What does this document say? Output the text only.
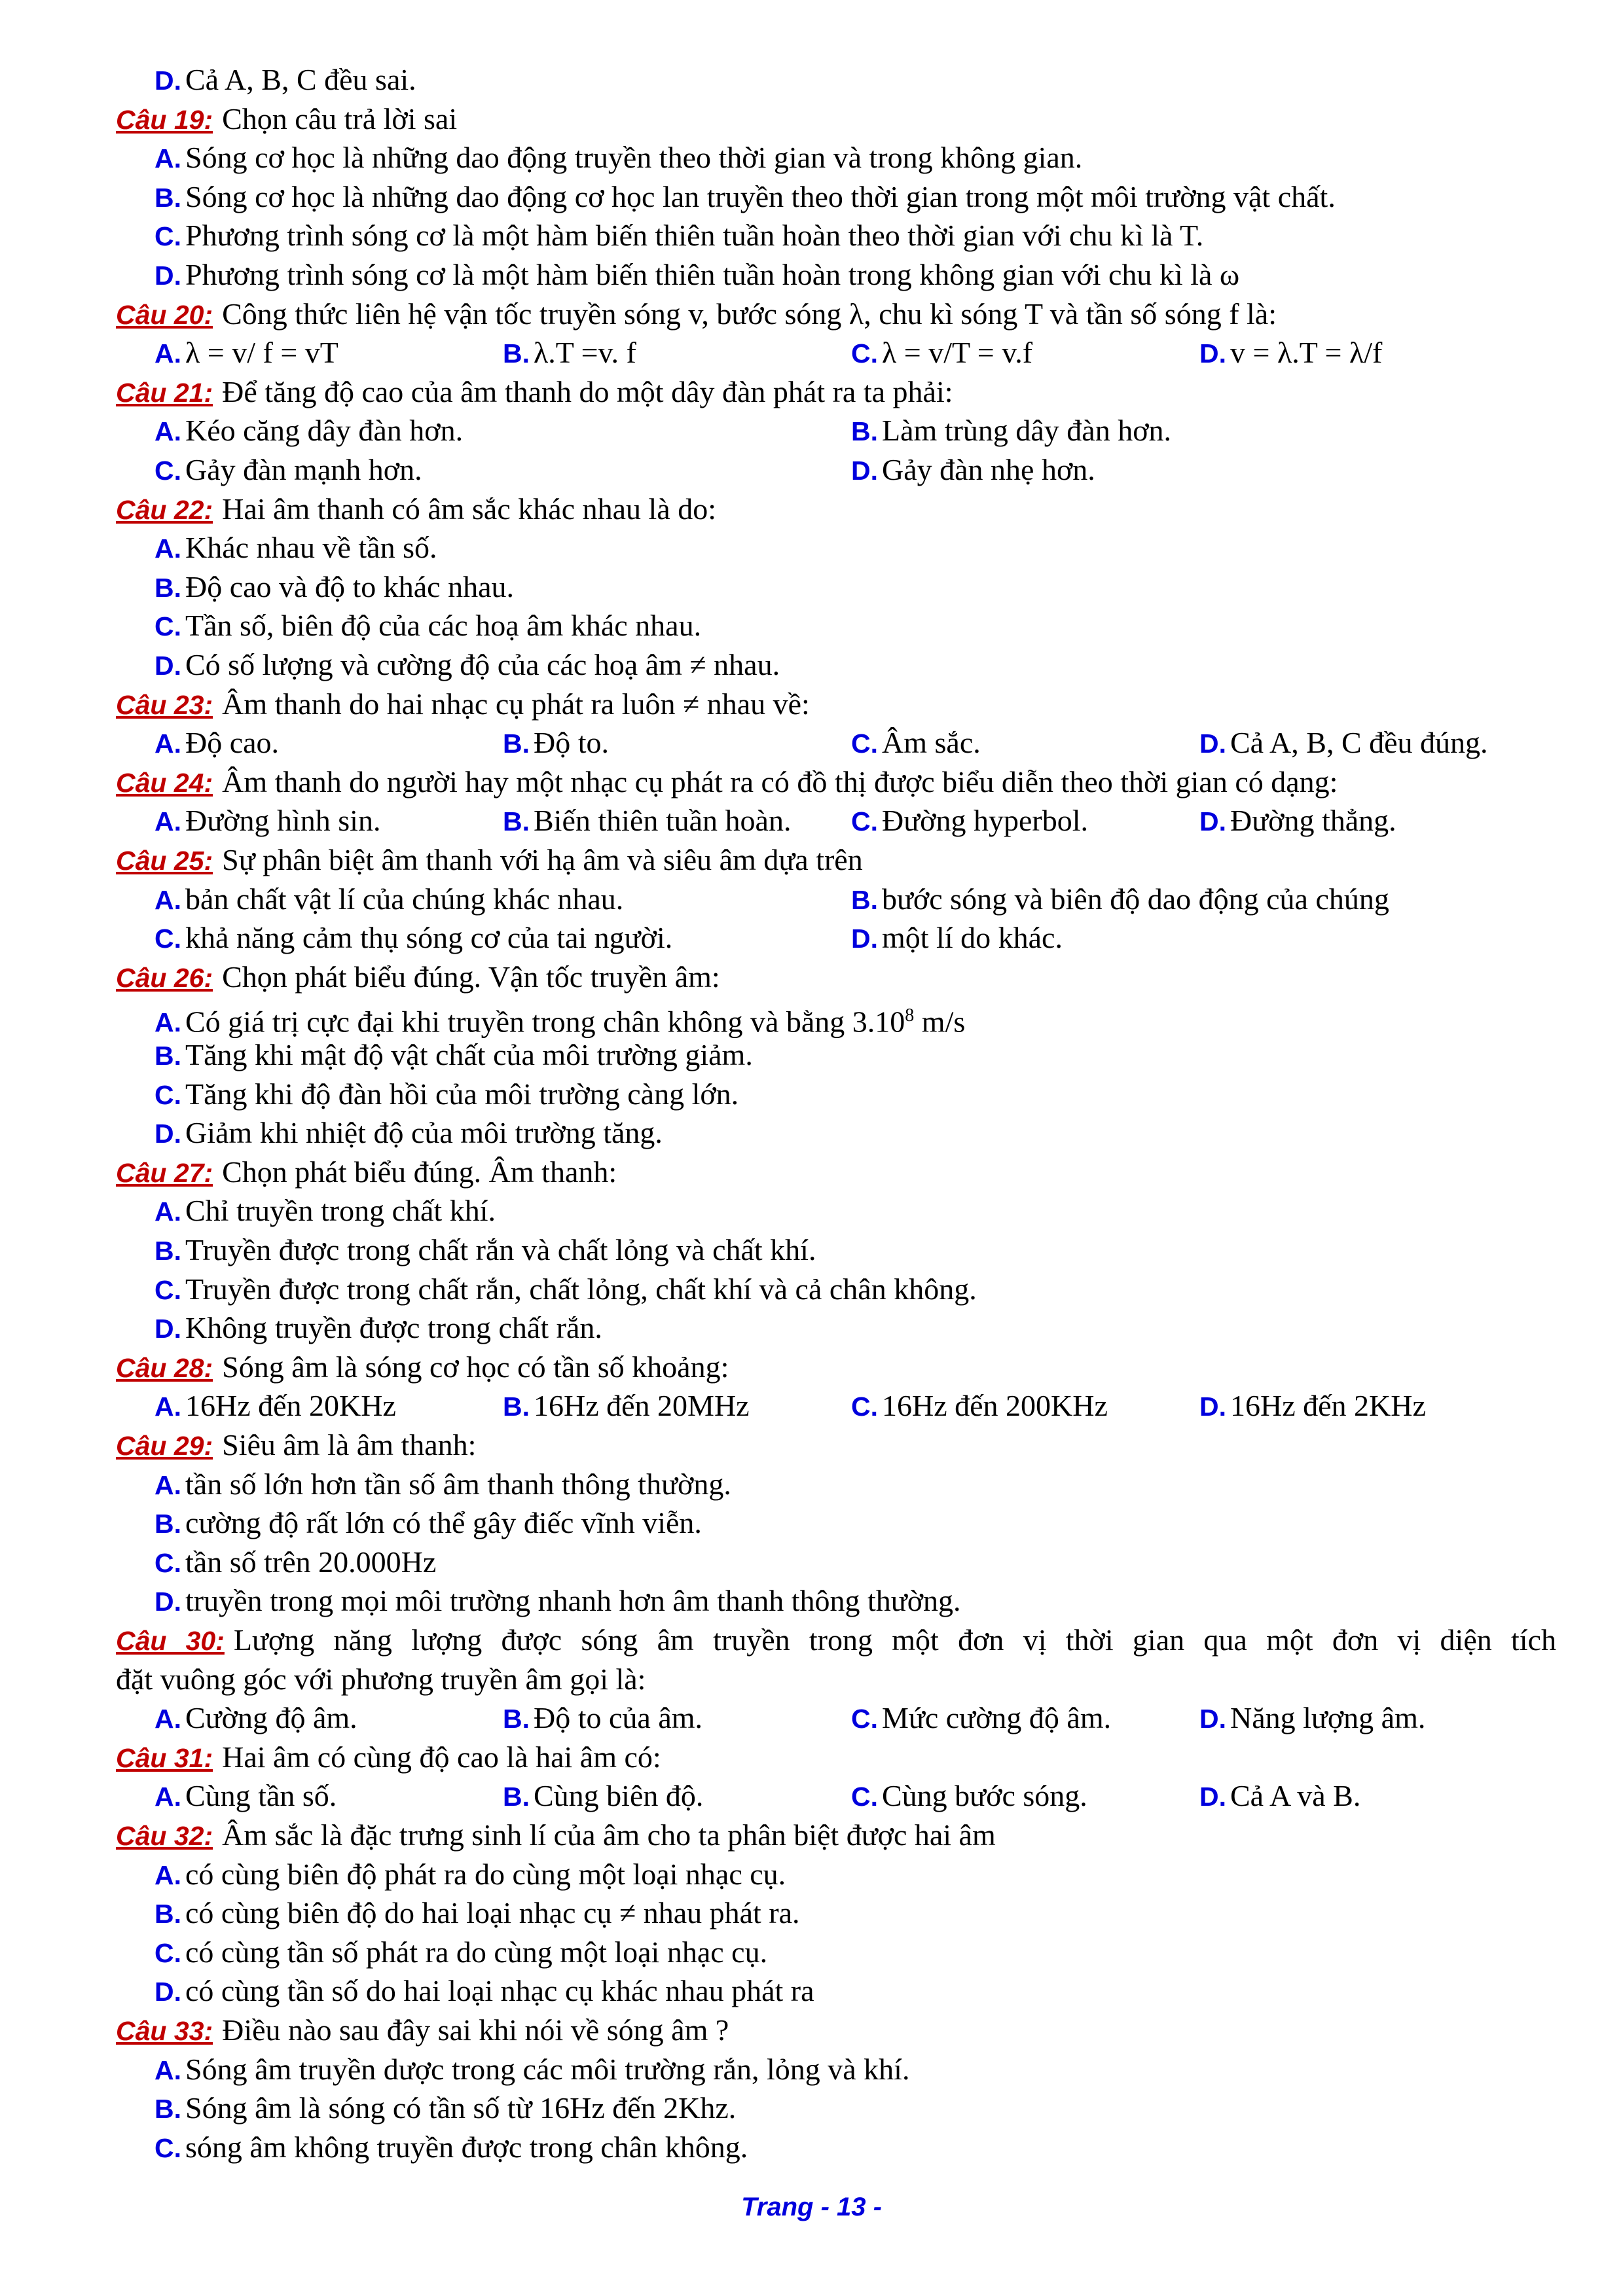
D. Cả A, B, C đều sai.
Câu 19: Chọn câu trả lời sai
A. Sóng cơ học là những dao động truyền theo thời gian và trong không gian.
B. Sóng cơ học là những dao động cơ học lan truyền theo thời gian trong một môi trường vật chất.
C. Phương trình sóng cơ là một hàm biến thiên tuần hoàn theo thời gian với chu kì là T.
D. Phương trình sóng cơ là một hàm biến thiên tuần hoàn trong không gian với chu kì là ω
Câu 20: Công thức liên hệ vận tốc truyền sóng v, bước sóng λ, chu kì sóng T và tần số sóng f là:
A. λ = v/ f = vT	B. λ.T =v. f	C. λ = v/T = v.f	D. v = λ.T = λ/f
Câu 21: Để tăng độ cao của âm thanh do một dây đàn phát ra ta phải:
A. Kéo căng dây đàn hơn.	B. Làm trùng dây đàn hơn.
C. Gảy đàn mạnh hơn.	D. Gảy đàn nhẹ hơn.
Câu 22: Hai âm thanh có âm sắc khác nhau là do:
A. Khác nhau về tần số.
B. Độ cao và độ to khác nhau.
C. Tần số, biên độ của các hoạ âm khác nhau.
D. Có số lượng và cường độ của các hoạ âm ≠ nhau.
Câu 23: Âm thanh do hai nhạc cụ phát ra luôn ≠ nhau về:
A. Độ cao.	B. Độ to.	C. Âm sắc.	D. Cả A, B, C đều đúng.
Câu 24: Âm thanh do người hay một nhạc cụ phát ra có đồ thị được biểu diễn theo thời gian có dạng:
A. Đường hình sin.	B. Biến thiên tuần hoàn. C. Đường hyperbol.	D. Đường thẳng.
Câu 25: Sự phân biệt âm thanh với hạ âm và siêu âm dựa trên
A. bản chất vật lí của chúng khác nhau.	B. bước sóng và biên độ dao động của chúng
C. khả năng cảm thụ sóng cơ của tai người.	D. một lí do khác.
Câu 26: Chọn phát biểu đúng. Vận tốc truyền âm:
A. Có giá trị cực đại khi truyền trong chân không và bằng 3.10$^8$ m/s
B. Tăng khi mật độ vật chất của môi trường giảm.
C. Tăng khi độ đàn hồi của môi trường càng lớn.
D. Giảm khi nhiệt độ của môi trường tăng.
Câu 27: Chọn phát biểu đúng. Âm thanh:
A. Chỉ truyền trong chất khí.
B. Truyền được trong chất rắn và chất lỏng và chất khí.
C. Truyền được trong chất rắn, chất lỏng, chất khí và cả chân không.
D. Không truyền được trong chất rắn.
Câu 28: Sóng âm là sóng cơ học có tần số khoảng:
A. 16Hz đến 20KHz	B. 16Hz đến 20MHz	C. 16Hz đến 200KHz	D. 16Hz đến 2KHz
Câu 29: Siêu âm là âm thanh:
A. tần số lớn hơn tần số âm thanh thông thường.
B. cường độ rất lớn có thể gây điếc vĩnh viễn.
C. tần số trên 20.000Hz
D. truyền trong mọi môi trường nhanh hơn âm thanh thông thường.
Câu 30: Lượng năng lượng được sóng âm truyền trong một đơn vị thời gian qua một đơn vị diện tích
đặt vuông góc với phương truyền âm gọi là:
A. Cường độ âm.	B. Độ to của âm.	C. Mức cường độ âm.	D. Năng lượng âm.
Câu 31: Hai âm có cùng độ cao là hai âm có:
A. Cùng tần số.	B. Cùng biên độ.	C. Cùng bước sóng.	D. Cả A và B.
Câu 32: Âm sắc là đặc trưng sinh lí của âm cho ta phân biệt được hai âm
A. có cùng biên độ phát ra do cùng một loại nhạc cụ.
B. có cùng biên độ do hai loại nhạc cụ ≠ nhau phát ra.
C. có cùng tần số phát ra do cùng một loại nhạc cụ.
D. có cùng tần số do hai loại nhạc cụ khác nhau phát ra
Câu 33: Điều nào sau đây sai khi nói về sóng âm ?
A. Sóng âm truyền dược trong các môi trường rắn, lỏng và khí.
B. Sóng âm là sóng có tần số từ 16Hz đến 2Khz.
C. sóng âm không truyền được trong chân không.
Trang - 13 -
